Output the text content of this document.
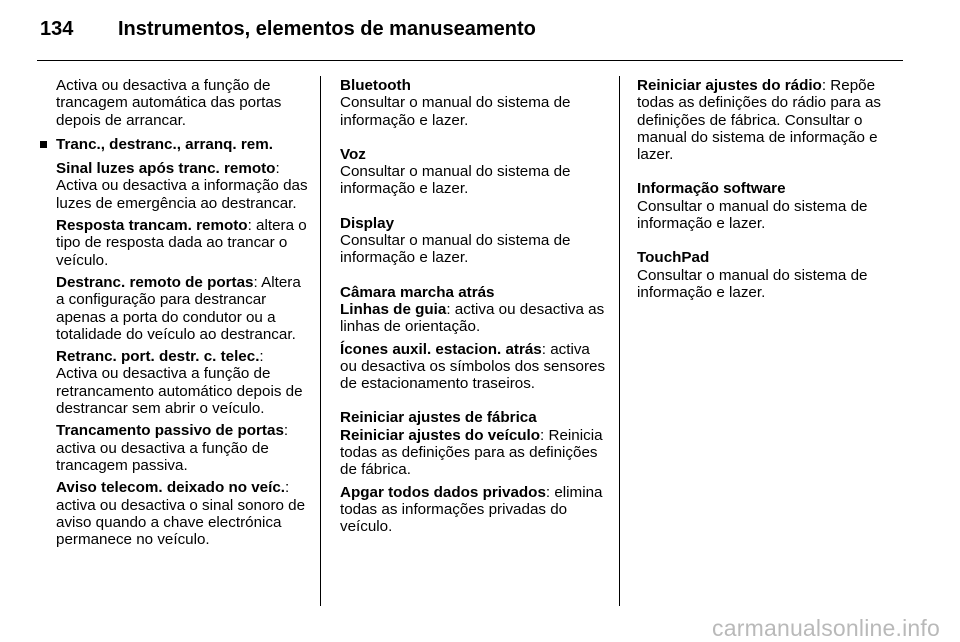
134 Instrumentos, elementos de manuseamento

Activa ou desactiva a função de trancagem automática das portas depois de arrancar.

Tranc., destranc., arranq. rem.

Sinal luzes após tranc. remoto: Activa ou desactiva a informação das luzes de emergência ao destrancar.

Resposta trancam. remoto: altera o tipo de resposta dada ao trancar o veículo.

Destranc. remoto de portas: Altera a configuração para destrancar apenas a porta do condutor ou a totalidade do veículo ao destrancar.

Retranc. port. destr. c. telec.: Activa ou desactiva a função de retrancamento automático depois de destrancar sem abrir o veículo.

Trancamento passivo de portas: activa ou desactiva a função de trancagem passiva.

Aviso telecom. deixado no veíc.: activa ou desactiva o sinal sonoro de aviso quando a chave electrónica permanece no veículo.

Bluetooth

Consultar o manual do sistema de informação e lazer.

Voz

Consultar o manual do sistema de informação e lazer.

Display

Consultar o manual do sistema de informação e lazer.

Câmara marcha atrás

Linhas de guia: activa ou desactiva as linhas de orientação.

Ícones auxil. estacion. atrás: activa ou desactiva os símbolos dos sensores de estacionamento traseiros.

Reiniciar ajustes de fábrica

Reiniciar ajustes do veículo: Reinicia todas as definições para as definições de fábrica.

Apgar todos dados privados: elimina todas as informações privadas do veículo.

Reiniciar ajustes do rádio: Repõe todas as definições do rádio para as definições de fábrica. Consultar o manual do sistema de informação e lazer.

Informação software

Consultar o manual do sistema de informação e lazer.

TouchPad

Consultar o manual do sistema de informação e lazer.

carmanualsonline.info
